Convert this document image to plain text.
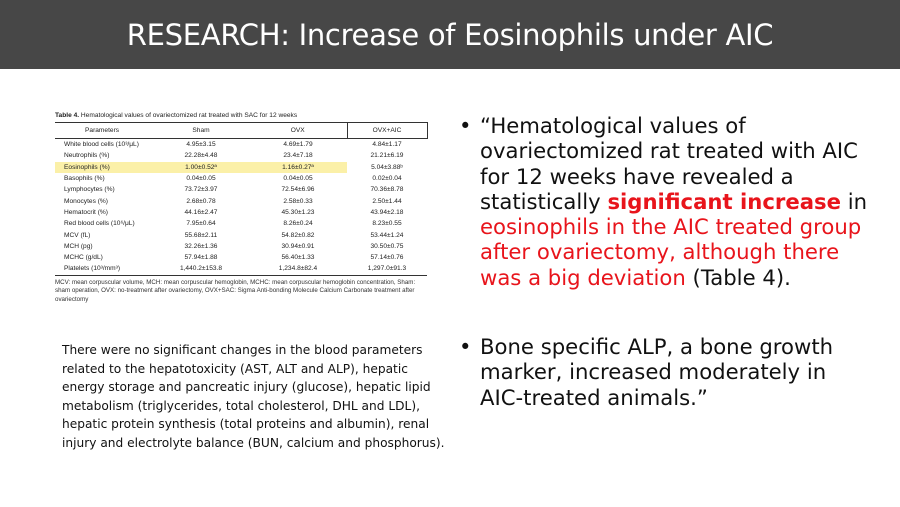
RESEARCH: Increase of Eosinophils under AIC
Table 4. Hematological values of ovariectomized rat treated with SAC for 12 weeks
Parameters	Sham	OVX	OVX+AIC
White blood cells (10³/μL)	4.95±3.15	4.69±1.79	4.84±1.17
Neutrophils (%)	22.28±4.48	23.4±7.18	21.21±6.19
Eosinophils (%)	1.00±0.52ª	1.16±0.27ª	5.04±3.88ᵇ
Basophils (%)	0.04±0.05	0.04±0.05	0.02±0.04
Lymphocytes (%)	73.72±3.97	72.54±6.96	70.36±8.78
Monocytes (%)	2.68±0.78	2.58±0.33	2.50±1.44
Hematocrit (%)	44.16±2.47	45.30±1.23	43.94±2.18
Red blood cells (10⁶/μL)	7.95±0.64	8.26±0.24	8.23±0.55
MCV (fL)	55.68±2.11	54.82±0.82	53.44±1.24
MCH (pg)	32.26±1.36	30.94±0.91	30.50±0.75
MCHC (g/dL)	57.94±1.88	56.40±1.33	57.14±0.76
Platelets (10³/mm³)	1,440.2±153.8	1,234.8±82.4	1,297.0±91.3
MCV: mean corpuscular volume, MCH: mean corpuscular hemoglobin, MCHC: mean corpuscular hemoglobin concentration, Sham: sham operation, OVX: no-treatment after ovariectomy, OVX+SAC: Sigma Anti-bonding Molecule Calcium Carbonate treatment after ovariectomy
There were no significant changes in the blood parameters related to the hepatotoxicity (AST, ALT and ALP), hepatic energy storage and pancreatic injury (glucose), hepatic lipid metabolism (triglycerides, total cholesterol, DHL and LDL), hepatic protein synthesis (total proteins and albumin), renal injury and electrolyte balance (BUN, calcium and phosphorus).
• “Hematological values of ovariectomized rat treated with AIC for 12 weeks have revealed a statistically significant increase in eosinophils in the AIC treated group after ovariectomy, although there was a big deviation (Table 4).
• Bone specific ALP, a bone growth marker, increased moderately in AIC-treated animals.”
